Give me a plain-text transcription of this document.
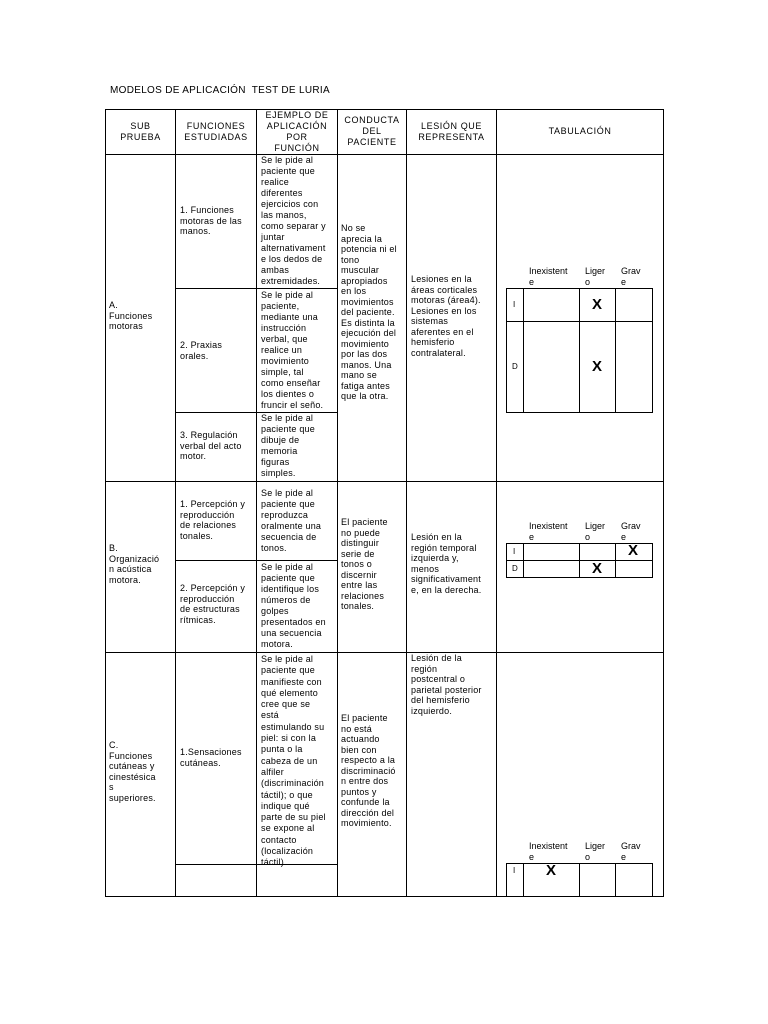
MODELOS DE APLICACIÓN  TEST DE LURIA
SUB
PRUEBA
FUNCIONES
ESTUDIADAS
EJEMPLO DE
APLICACIÓN
POR
FUNCIÓN
CONDUCTA
DEL
PACIENTE
LESIÓN QUE
REPRESENTA
TABULACIÓN
A.
Funciones
motoras
1. Funciones
motoras de las
manos.
Se le pide al
paciente que
realice
diferentes
ejercicios con
las manos,
como separar y
juntar
alternativament
e los dedos de
ambas
extremidades.
2. Praxias
orales.
Se le pide al
paciente,
mediante una
instrucción
verbal, que
realice un
movimiento
simple, tal
como enseñar
los dientes o
fruncir el seño.
3. Regulación
verbal del acto
motor.
Se le pide al
paciente que
dibuje de
memoria
figuras
simples.
No se
aprecia la
potencia ni el
tono
muscular
apropiados
en los
movimientos
del paciente.
Es distinta la
ejecución del
movimiento
por las dos
manos. Una
mano se
fatiga antes
que la otra.
Lesiones en la
áreas corticales
motoras (área4).
Lesiones en los
sistemas
aferentes en el
hemisferio
contralateral.
Inexistent
e
Liger
o
Grav
e
I
D
X
X
B.
Organizació
n acústica
motora.
1. Percepción y
reproducción
de relaciones
tonales.
Se le pide al
paciente que
reproduzca
oralmente una
secuencia de
tonos.
2. Percepción y
reproducción
de estructuras
rítmicas.
Se le pide al
paciente que
identifique los
números de
golpes
presentados en
una secuencia
motora.
El paciente
no puede
distinguir
serie de
tonos o
discernir
entre las
relaciones
tonales.
Lesión en la
región temporal
izquierda y,
menos
significativament
e, en la derecha.
Inexistent
e
Liger
o
Grav
e
I
D
X
X
C.
Funciones
cutáneas y
cinestésica
s
superiores.
1.Sensaciones
cutáneas.
Se le pide al
paciente que
manifieste con
qué elemento
cree que se
está
estimulando su
piel: si con la
punta o la
cabeza de un
alfiler
(discriminación
táctil); o que
indique qué
parte de su piel
se expone al
contacto
(localización
táctil)
El paciente
no está
actuando
bien con
respecto a la
discriminació
n entre dos
puntos y
confunde la
dirección del
movimiento.
Lesión de la
región
postcentral o
parietal posterior
del hemisferio
izquierdo.
Inexistent
e
Liger
o
Grav
e
I	X
